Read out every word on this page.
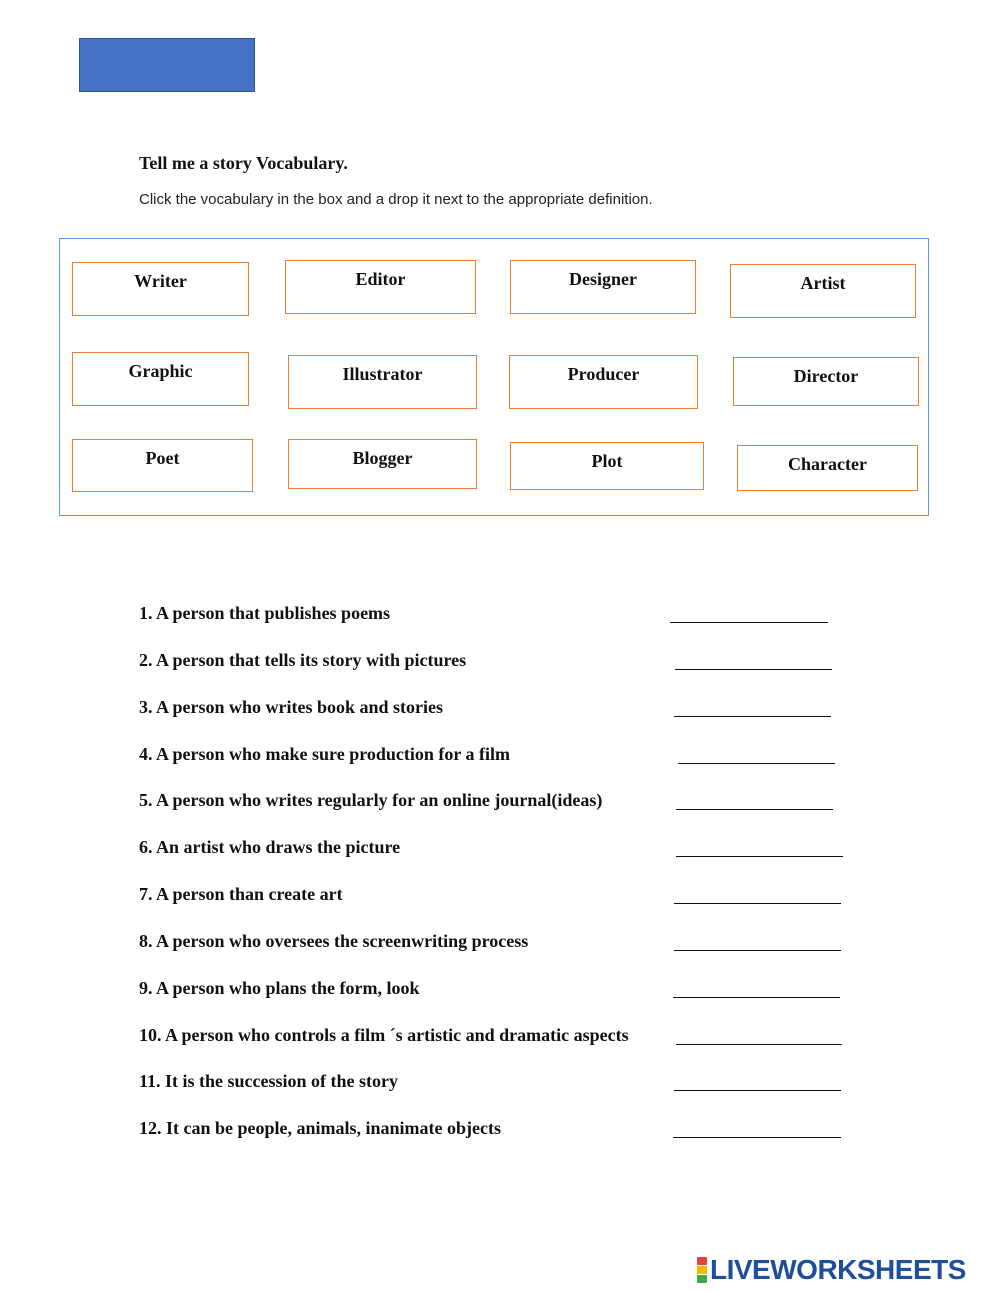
Tell me a story Vocabulary.
Click the vocabulary in the box and a drop it next to the appropriate definition.
Writer	Editor	Designer	Artist
Graphic	Illustrator	Producer	Director
Poet	Blogger	Plot	Character
1. A person that publishes poems
2. A person that tells its story with pictures
3. A person who writes book and stories
4. A person who make sure production for a film
5. A person who writes regularly for an online journal(ideas)
6. An artist who draws the picture
7. A person than create art
8. A person who oversees the screenwriting process
9. A person who plans the form, look
10. A person who controls a film ´s artistic and dramatic aspects
11. It is the succession of the story
12. It can be people, animals, inanimate objects
LIVEWORKSHEETS
